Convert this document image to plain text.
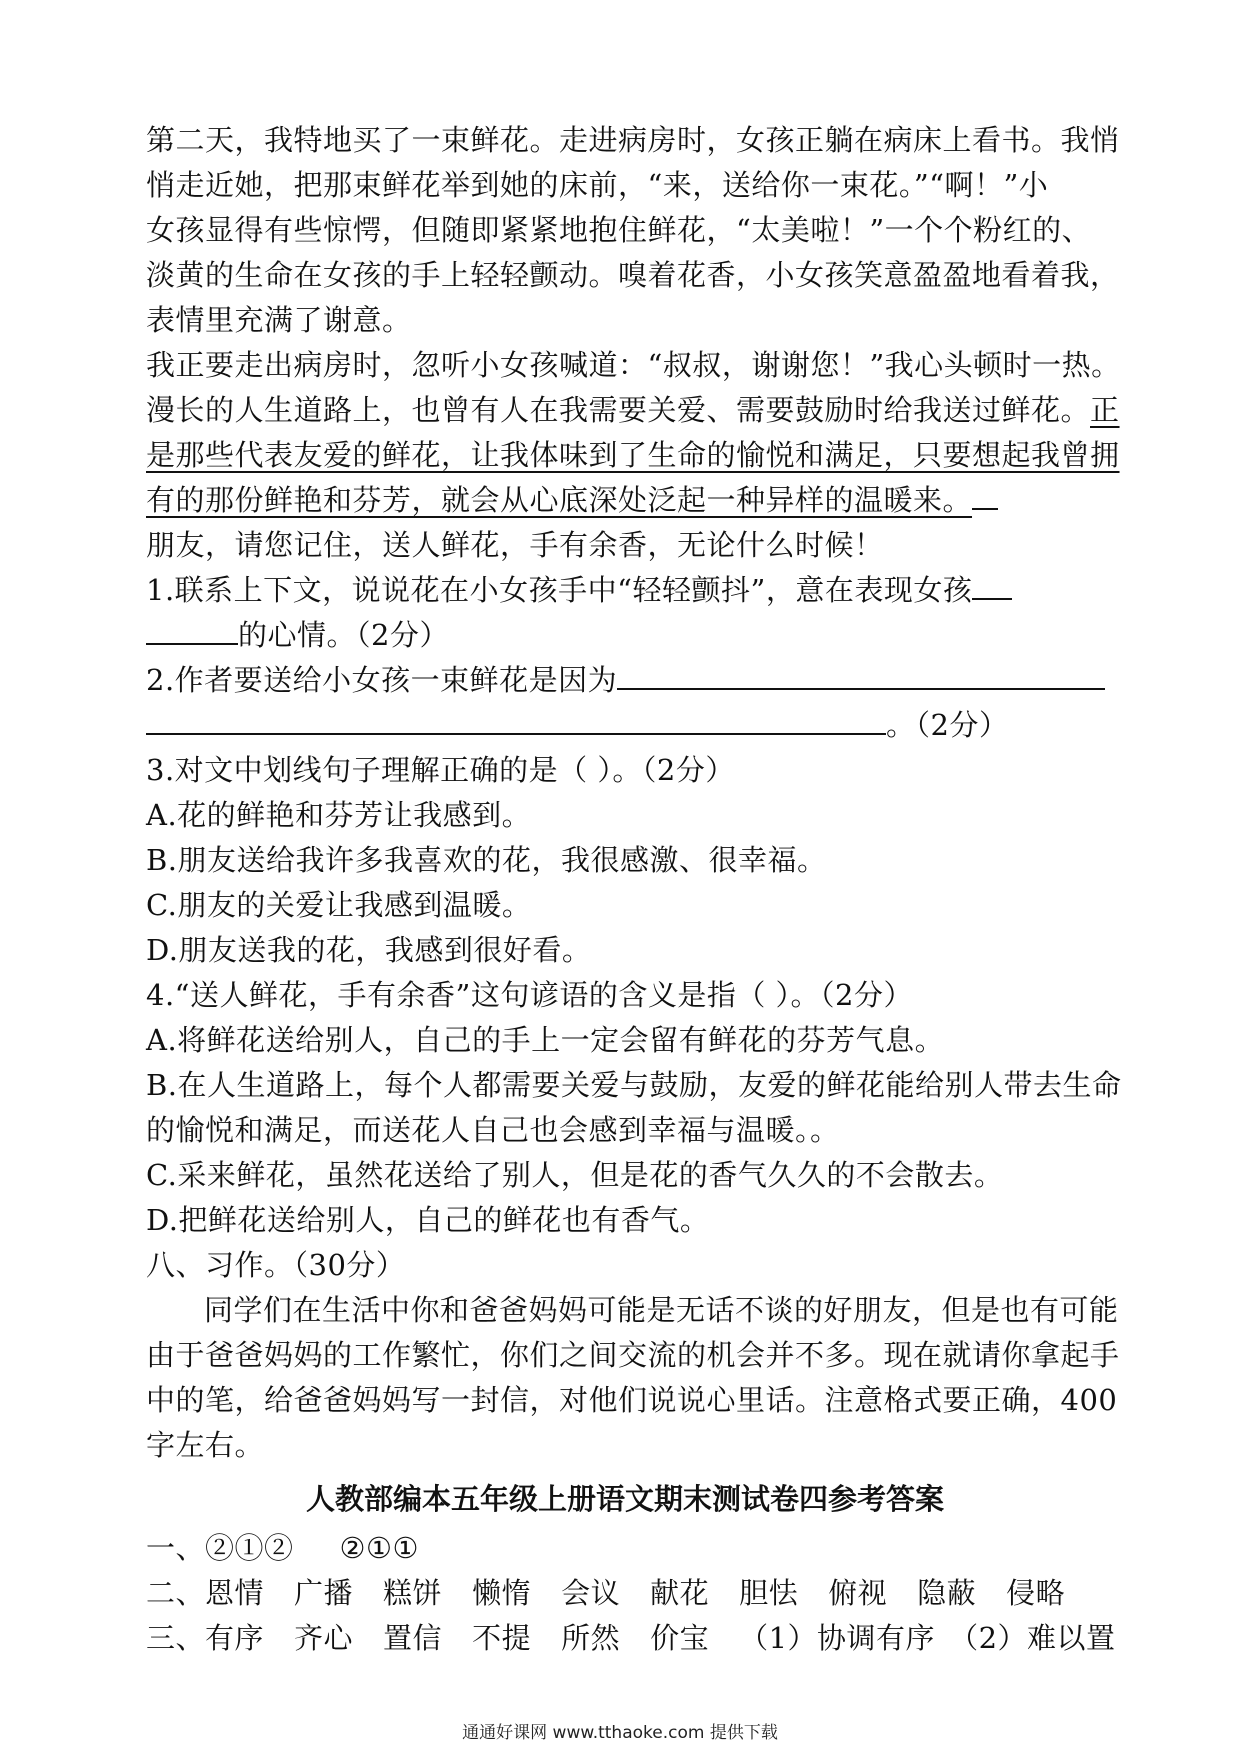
第二天，我特地买了一束鲜花。走进病房时，女孩正躺在病床上看书。我悄
悄走近她，把那束鲜花举到她的床前，“来，送给你一束花。”“啊！”小
女孩显得有些惊愕，但随即紧紧地抱住鲜花，“太美啦！”一个个粉红的、
淡黄的生命在女孩的手上轻轻颤动。嗅着花香，小女孩笑意盈盈地看着我，
表情里充满了谢意。
我正要走出病房时，忽听小女孩喊道：“叔叔，谢谢您！”我心头顿时一热。
漫长的人生道路上，也曾有人在我需要关爱、需要鼓励时给我送过鲜花。正
是那些代表友爱的鲜花，让我体味到了生命的愉悦和满足，只要想起我曾拥
有的那份鲜艳和芬芳，就会从心底深处泛起一种异样的温暖来。
朋友，请您记住，送人鲜花，手有余香，无论什么时候！
1.联系上下文，说说花在小女孩手中“轻轻颤抖”，意在表现女孩
的心情。（2分）
2.作者要送给小女孩一束鲜花是因为
。（2分）
3.对文中划线句子理解正确的是（ ）。（2分）
A.花的鲜艳和芬芳让我感到。
B.朋友送给我许多我喜欢的花，我很感激、很幸福。
C.朋友的关爱让我感到温暖。
D.朋友送我的花，我感到很好看。
4.“送人鲜花，手有余香”这句谚语的含义是指（ ）。（2分）
A.将鲜花送给别人，自己的手上一定会留有鲜花的芬芳气息。
B.在人生道路上，每个人都需要关爱与鼓励，友爱的鲜花能给别人带去生命
的愉悦和满足，而送花人自己也会感到幸福与温暖。。
C.采来鲜花，虽然花送给了别人，但是花的香气久久的不会散去。
D.把鲜花送给别人，自己的鲜花也有香气。
八、习作。（30分）
同学们在生活中你和爸爸妈妈可能是无话不谈的好朋友，但是也有可能
由于爸爸妈妈的工作繁忙，你们之间交流的机会并不多。现在就请你拿起手
中的笔，给爸爸妈妈写一封信，对他们说说心里话。注意格式要正确，400
字左右。
人教部编本五年级上册语文期末测试卷四参考答案
一、②①② ②①①
二、恩情 广播 糕饼 懒惰 会议 献花 胆怯 俯视 隐蔽 侵略
三、有序 齐心 置信 不提 所然 价宝 （1）协调有序 （2）难以置
通通好课网 www.tthaoke.com 提供下载
